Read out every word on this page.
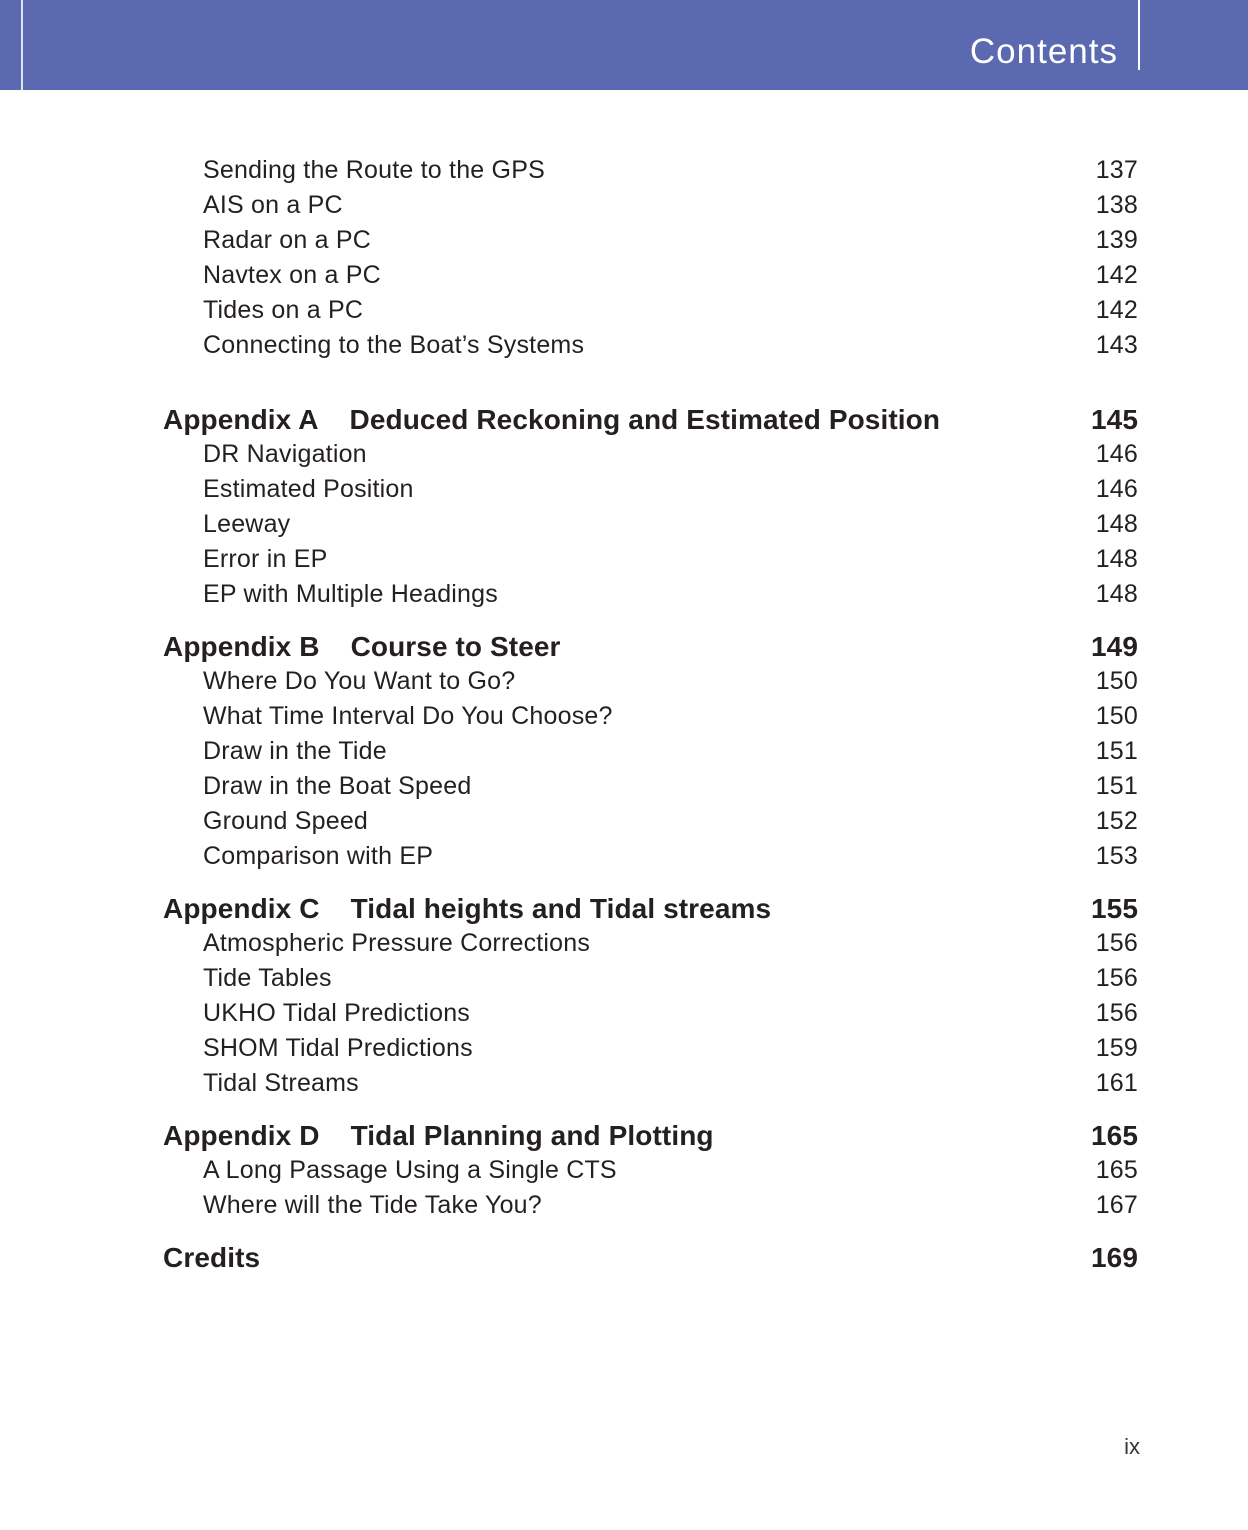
Contents
Sending the Route to the GPS	137
AIS on a PC	138
Radar on a PC	139
Navtex on a PC	142
Tides on a PC	142
Connecting to the Boat’s Systems	143
Appendix A Deduced Reckoning and Estimated Position	145
DR Navigation	146
Estimated Position	146
Leeway	148
Error in EP	148
EP with Multiple Headings	148
Appendix B Course to Steer	149
Where Do You Want to Go?	150
What Time Interval Do You Choose?	150
Draw in the Tide	151
Draw in the Boat Speed	151
Ground Speed	152
Comparison with EP	153
Appendix C Tidal heights and Tidal streams	155
Atmospheric Pressure Corrections	156
Tide Tables	156
UKHO Tidal Predictions	156
SHOM Tidal Predictions	159
Tidal Streams	161
Appendix D Tidal Planning and Plotting	165
A Long Passage Using a Single CTS	165
Where will the Tide Take You?	167
Credits	169
ix
